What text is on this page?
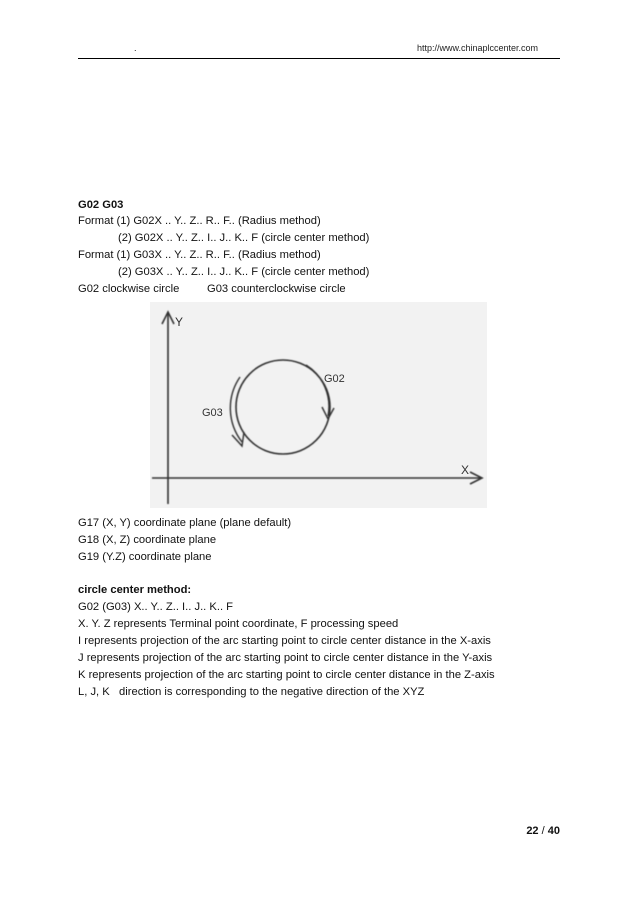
.	http://www.chinaplccenter.com
G02 G03
Format (1) G02X .. Y.. Z.. R.. F.. (Radius method)
(2) G02X .. Y.. Z.. I.. J.. K.. F (circle center method)
Format (1) G03X .. Y.. Z.. R.. F.. (Radius method)
(2) G03X .. Y.. Z.. I.. J.. K.. F (circle center method)
G02 clockwise circle G03 counterclockwise circle
Y
X
G02
G03
G17 (X, Y) coordinate plane (plane default)
G18 (X, Z) coordinate plane
G19 (Y.Z) coordinate plane
circle center method:
G02 (G03) X.. Y.. Z.. I.. J.. K.. F
X. Y. Z represents Terminal point coordinate, F processing speed
I represents projection of the arc starting point to circle center distance in the X-axis
J represents projection of the arc starting point to circle center distance in the Y-axis
K represents projection of the arc starting point to circle center distance in the Z-axis
L, J, K   direction is corresponding to the negative direction of the XYZ
22 / 40
